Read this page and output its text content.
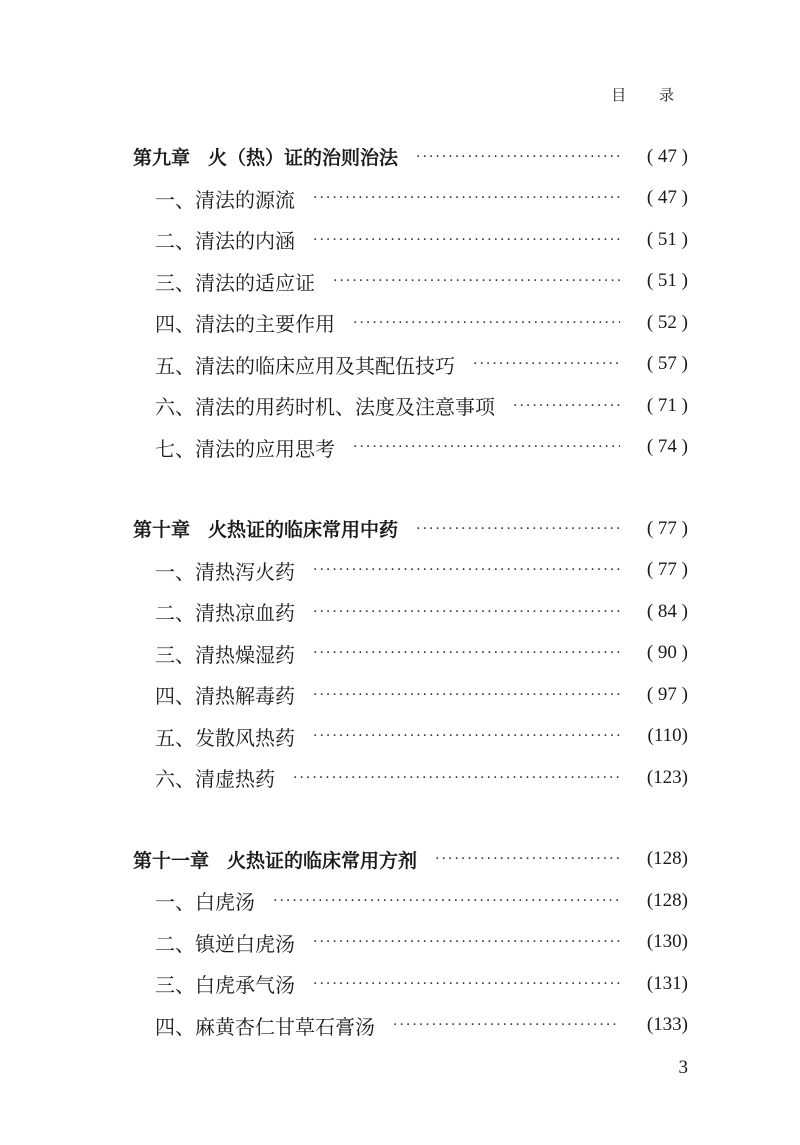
目 录
第九章 火（热）证的治则治法 ·····	( 47 )
一、清法的源流 ·····	( 47 )
二、清法的内涵 ·····	( 51 )
三、清法的适应证 ·····	( 51 )
四、清法的主要作用 ·····	( 52 )
五、清法的临床应用及其配伍技巧 ·····	( 57 )
六、清法的用药时机、法度及注意事项 ·····	( 71 )
七、清法的应用思考 ·····	( 74 )
第十章 火热证的临床常用中药 ·····	( 77 )
一、清热泻火药 ·····	( 77 )
二、清热凉血药 ·····	( 84 )
三、清热燥湿药 ·····	( 90 )
四、清热解毒药 ·····	( 97 )
五、发散风热药 ·····	(110)
六、清虚热药 ·····	(123)
第十一章 火热证的临床常用方剂 ·····	(128)
一、白虎汤 ·····	(128)
二、镇逆白虎汤 ·····	(130)
三、白虎承气汤 ·····	(131)
四、麻黄杏仁甘草石膏汤 ·····	(133)
3
